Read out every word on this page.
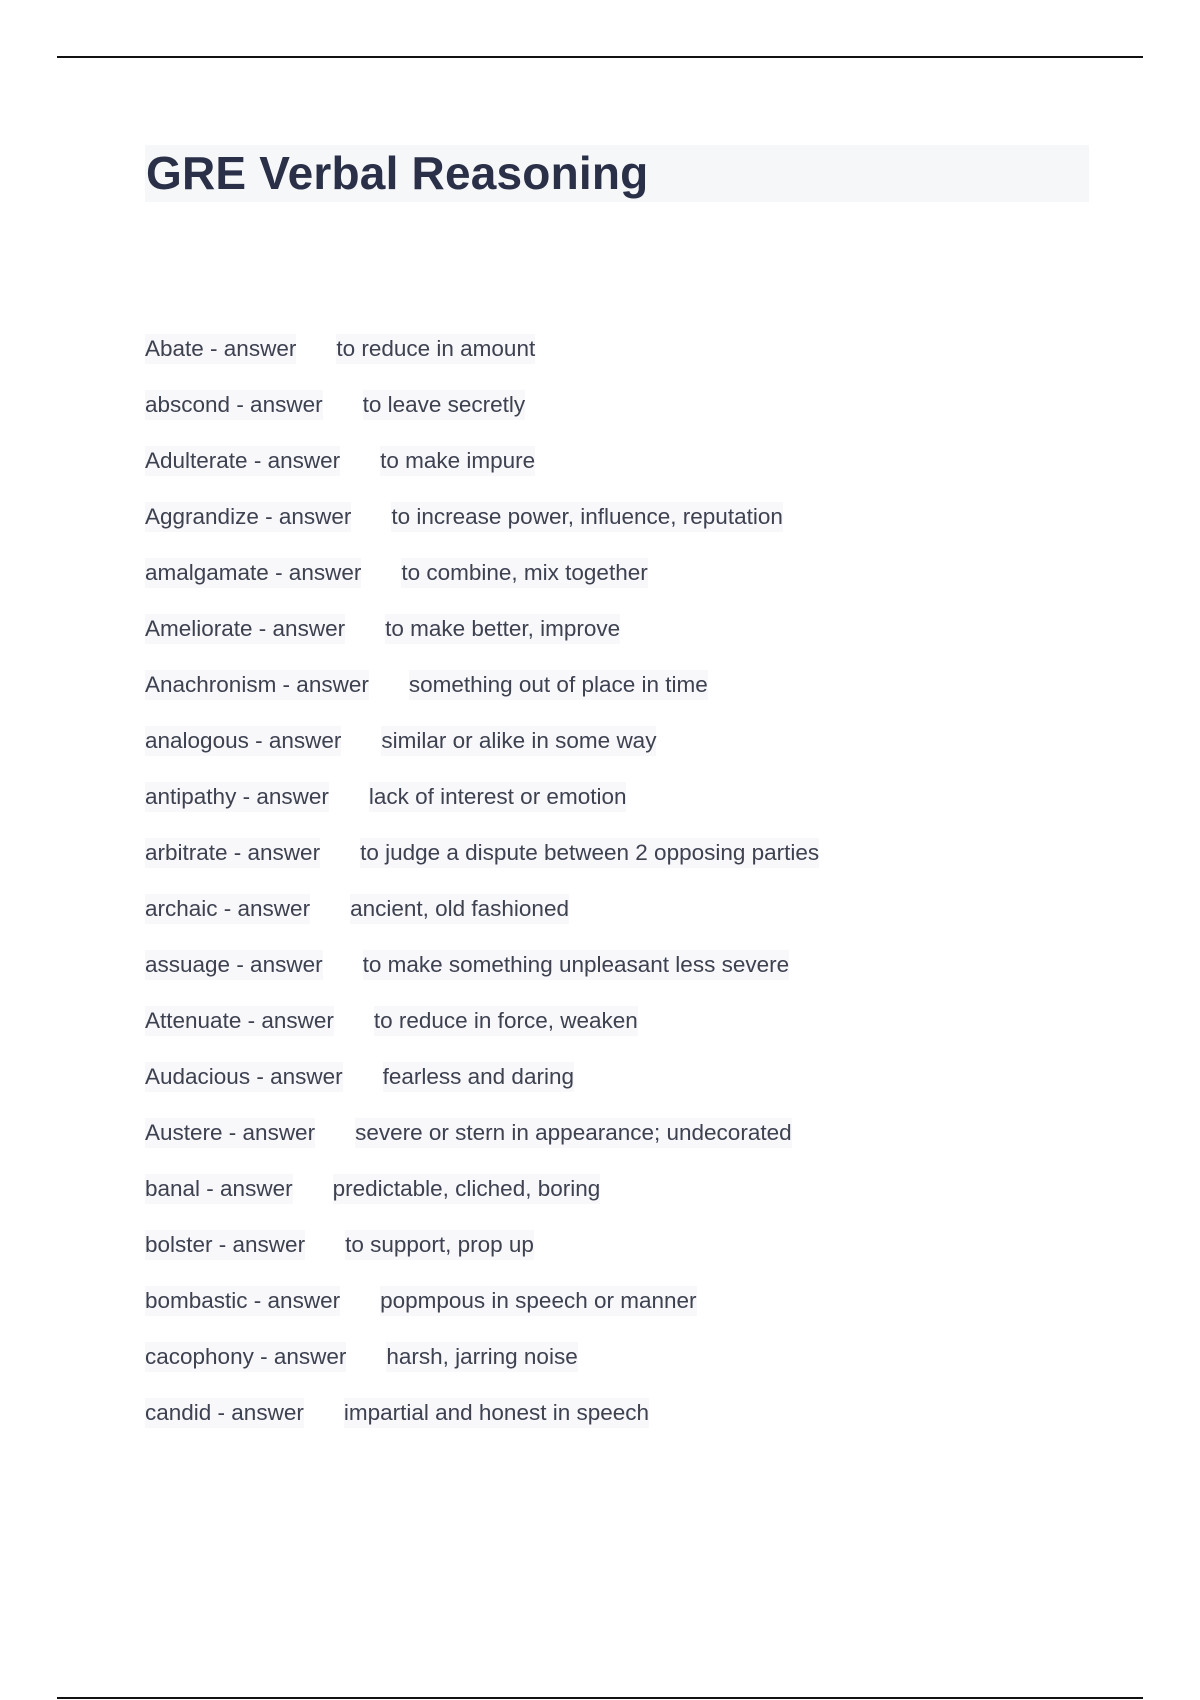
GRE Verbal Reasoning
Abate - answer to reduce in amount
abscond - answer to leave secretly
Adulterate - answer to make impure
Aggrandize - answer to increase power, influence, reputation
amalgamate - answer to combine, mix together
Ameliorate - answer to make better, improve
Anachronism - answer something out of place in time
analogous - answer similar or alike in some way
antipathy - answer lack of interest or emotion
arbitrate - answer to judge a dispute between 2 opposing parties
archaic - answer ancient, old fashioned
assuage - answer to make something unpleasant less severe
Attenuate - answer to reduce in force, weaken
Audacious - answer fearless and daring
Austere - answer severe or stern in appearance; undecorated
banal - answer predictable, cliched, boring
bolster - answer to support, prop up
bombastic - answer popmpous in speech or manner
cacophony - answer harsh, jarring noise
candid - answer impartial and honest in speech
